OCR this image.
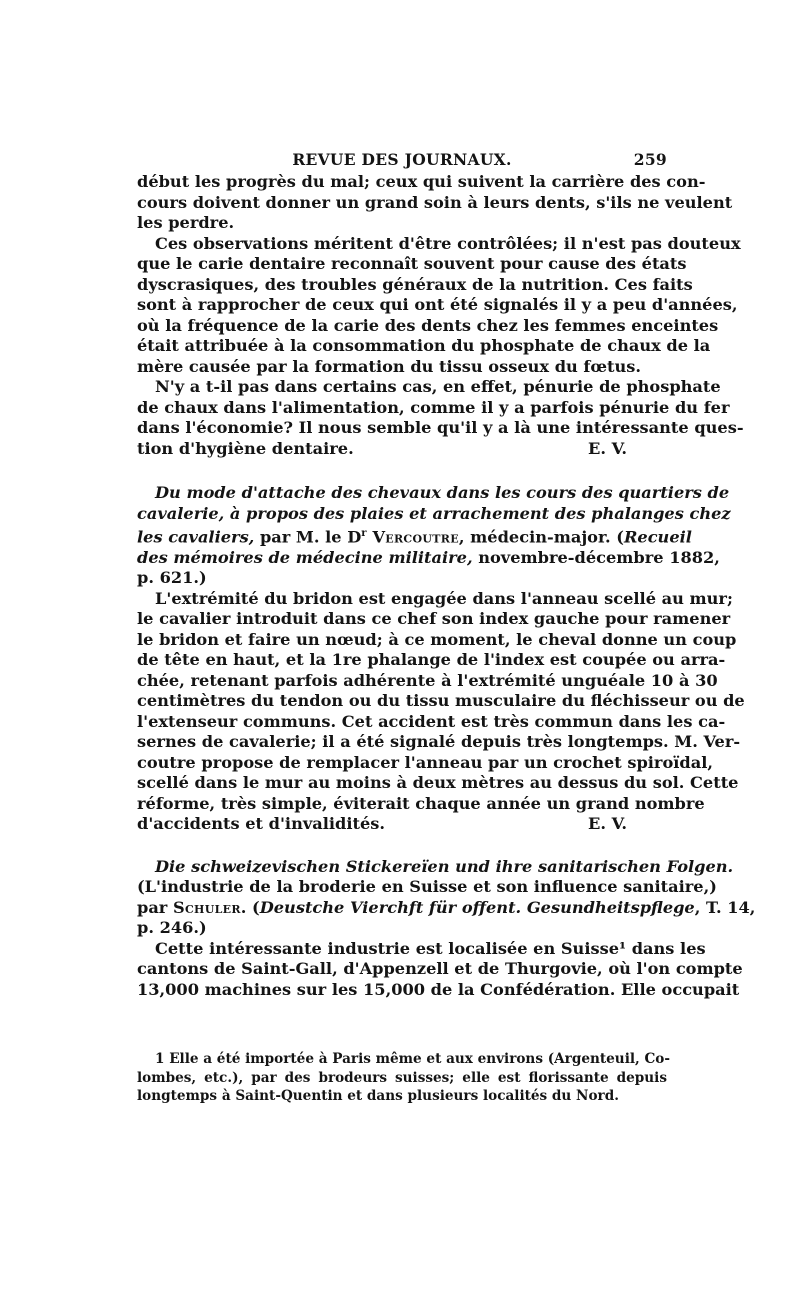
REVUE DES JOURNAUX.	259

début les progrès du mal; ceux qui suivent la carrière des con-
cours doivent donner un grand soin à leurs dents, s'ils ne veulent
les perdre.

Ces observations méritent d'être contrôlées; il n'est pas douteux
que le carie dentaire reconnaît souvent pour cause des états
dyscrasiques, des troubles généraux de la nutrition. Ces faits
sont à rapprocher de ceux qui ont été signalés il y a peu d'années,
où la fréquence de la carie des dents chez les femmes enceintes
était attribuée à la consommation du phosphate de chaux de la
mère causée par la formation du tissu osseux du fœtus.

N'y a t-il pas dans certains cas, en effet, pénurie de phosphate
de chaux dans l'alimentation, comme il y a parfois pénurie du fer
dans l'économie? Il nous semble qu'il y a là une intéressante ques-
tion d'hygiène dentaire.	E. V.

Du mode d'attache des chevaux dans les cours des quartiers de
cavalerie, à propos des plaies et arrachement des phalanges chez
les cavaliers, par M. le $D^r$ Vercoutre, médecin-major. (Recueil
des mémoires de médecine militaire, novembre-décembre 1882,
p. 621.)

L'extrémité du bridon est engagée dans l'anneau scellé au mur;
le cavalier introduit dans ce chef son index gauche pour ramener
le bridon et faire un nœud; à ce moment, le cheval donne un coup
de tête en haut, et la 1re phalange de l'index est coupée ou arra-
chée, retenant parfois adhérente à l'extrémité unguéale 10 à 30
centimètres du tendon ou du tissu musculaire du fléchisseur ou de
l'extenseur communs. Cet accident est très commun dans les ca-
sernes de cavalerie; il a été signalé depuis très longtemps. M. Ver-
coutre propose de remplacer l'anneau par un crochet spiroïdal,
scellé dans le mur au moins à deux mètres au dessus du sol. Cette
réforme, très simple, éviterait chaque année un grand nombre
d'accidents et d'invalidités.	E. V.

Die schweizevischen Stickereïen und ihre sanitarischen Folgen.
(L'industrie de la broderie en Suisse et son influence sanitaire,)
par Schuler. (Deustche Vierchft für offent. Gesundheitspflege, T. 14,
p. 246.)

Cette intéressante industrie est localisée en Suisse¹ dans les
cantons de Saint-Gall, d'Appenzell et de Thurgovie, où l'on compte
13,000 machines sur les 15,000 de la Confédération. Elle occupait

1 Elle a été importée à Paris même et aux environs (Argenteuil, Co-
lombes, etc.), par des brodeurs suisses; elle est florissante depuis
longtemps à Saint-Quentin et dans plusieurs localités du Nord.
